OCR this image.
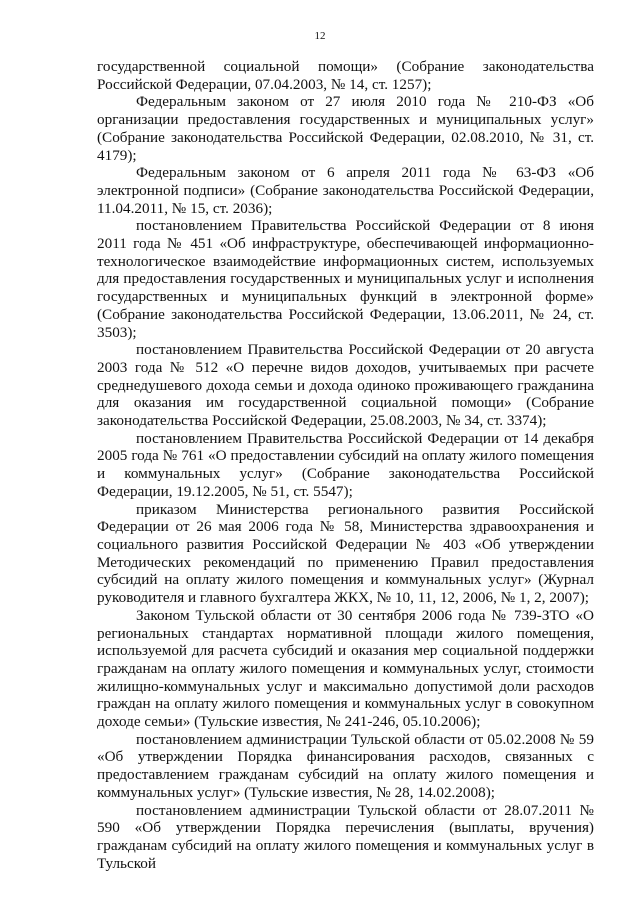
12

государственной социальной помощи» (Собрание законодательства Российской Федерации, 07.04.2003, № 14, ст. 1257);

Федеральным законом от 27 июля 2010 года № 210-ФЗ «Об организации предоставления государственных и муниципальных услуг» (Собрание законодательства Российской Федерации, 02.08.2010, № 31, ст. 4179);

Федеральным законом от 6 апреля 2011 года № 63-ФЗ «Об электронной подписи» (Собрание законодательства Российской Федерации, 11.04.2011, № 15, ст. 2036);

постановлением Правительства Российской Федерации от 8 июня 2011 года № 451 «Об инфраструктуре, обеспечивающей информационно-технологическое взаимодействие информационных систем, используемых для предоставления государственных и муниципальных услуг и исполнения государственных и муниципальных функций в электронной форме» (Собрание законодательства Российской Федерации, 13.06.2011, № 24, ст. 3503);

постановлением Правительства Российской Федерации от 20 августа 2003 года № 512 «О перечне видов доходов, учитываемых при расчете среднедушевого дохода семьи и дохода одиноко проживающего гражданина для оказания им государственной социальной помощи» (Собрание законодательства Российской Федерации, 25.08.2003, № 34, ст. 3374);

постановлением Правительства Российской Федерации от 14 декабря 2005 года № 761 «О предоставлении субсидий на оплату жилого помещения и коммунальных услуг» (Собрание законодательства Российской Федерации, 19.12.2005, № 51, ст. 5547);

приказом Министерства регионального развития Российской Федерации от 26 мая 2006 года № 58, Министерства здравоохранения и социального развития Российской Федерации № 403 «Об утверждении Методических рекомендаций по применению Правил предоставления субсидий на оплату жилого помещения и коммунальных услуг» (Журнал руководителя и главного бухгалтера ЖКХ, № 10, 11, 12, 2006, № 1, 2, 2007);

Законом Тульской области от 30 сентября 2006 года № 739-ЗТО «О региональных стандартах нормативной площади жилого помещения, используемой для расчета субсидий и оказания мер социальной поддержки гражданам на оплату жилого помещения и коммунальных услуг, стоимости жилищно-коммунальных услуг и максимально допустимой доли расходов граждан на оплату жилого помещения и коммунальных услуг в совокупном доходе семьи» (Тульские известия, № 241-246, 05.10.2006);

постановлением администрации Тульской области от 05.02.2008 № 59 «Об утверждении Порядка финансирования расходов, связанных с предоставлением гражданам субсидий на оплату жилого помещения и коммунальных услуг» (Тульские известия, № 28, 14.02.2008);

постановлением администрации Тульской области от 28.07.2011 № 590 «Об утверждении Порядка перечисления (выплаты, вручения) гражданам субсидий на оплату жилого помещения и коммунальных услуг в Тульской
